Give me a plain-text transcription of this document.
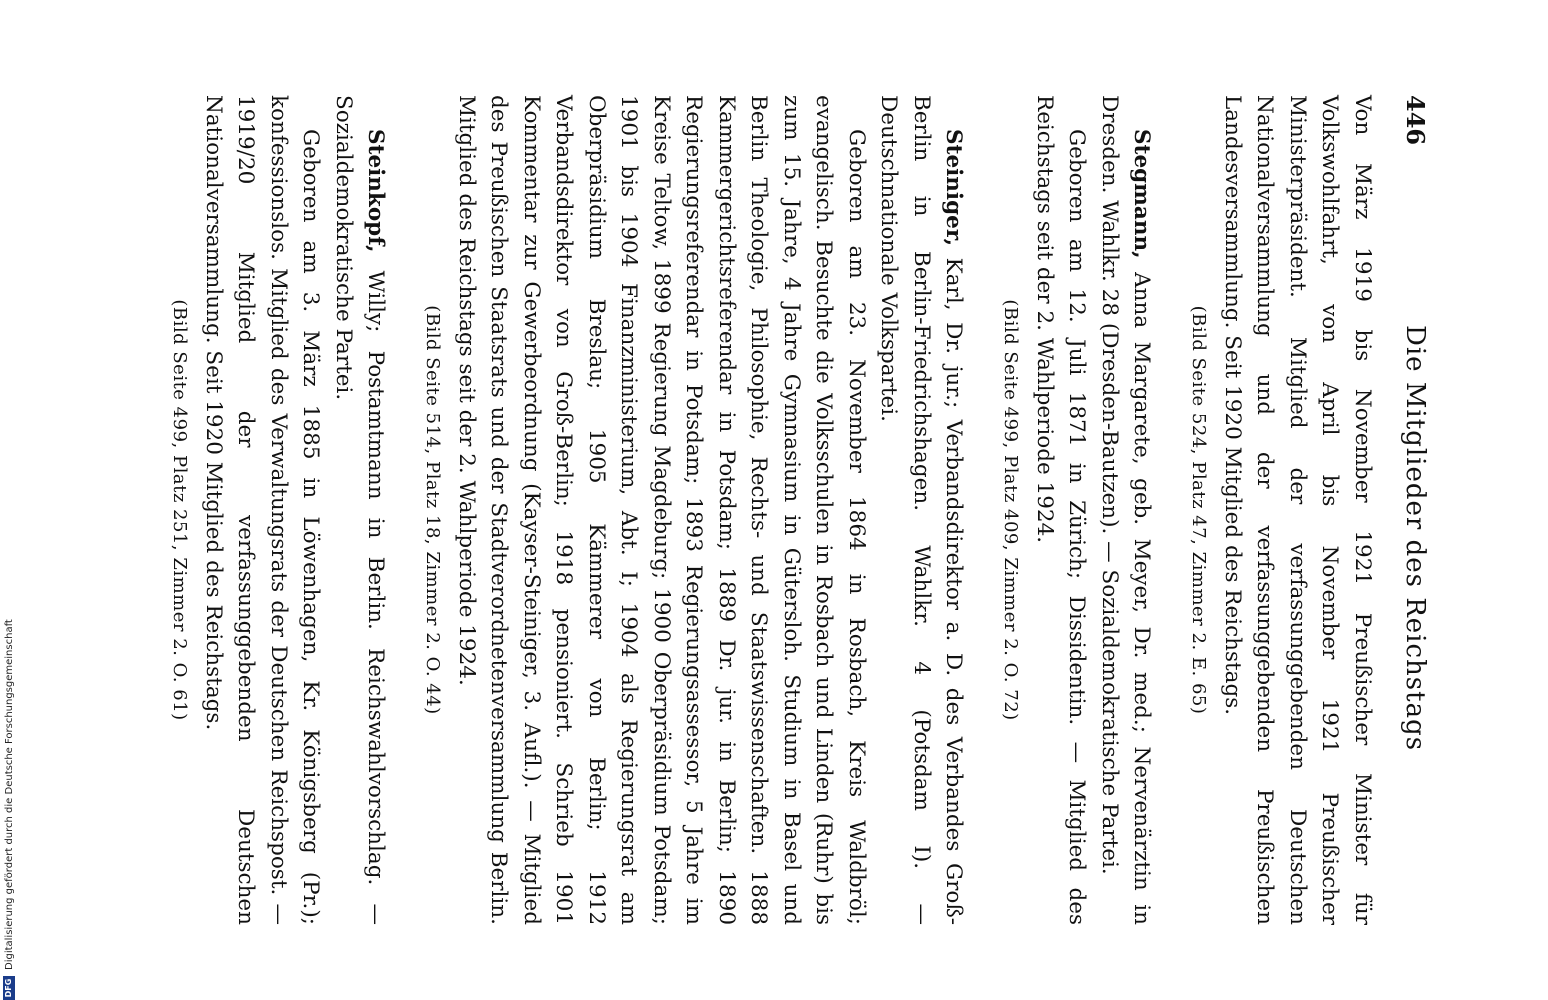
446
Die Mitglieder des Reichstags

Von März 1919 bis November 1921 Preußischer Minister für Volkswohlfahrt, von April bis November 1921 Preußischer Ministerpräsident. Mitglied der verfassunggebenden Deutschen Nationalversammlung und der verfassunggebenden Preußischen Landesversammlung. Seit 1920 Mitglied des Reichstags.

(Bild Seite 524, Platz 47, Zimmer 2. E. 65)

Stegmann, Anna Margarete, geb. Meyer, Dr. med.; Nervenärztin in Dresden. Wahlkr. 28 (Dresden-Bautzen). — Sozialdemokratische Partei.

Geboren am 12. Juli 1871 in Zürich; Dissidentin. — Mitglied des Reichstags seit der 2. Wahlperiode 1924.

(Bild Seite 499, Platz 409, Zimmer 2. O. 72)

Steiniger, Karl, Dr. jur.; Verbandsdirektor a. D. des Verbandes Groß-Berlin in Berlin-Friedrichshagen. Wahlkr. 4 (Potsdam I). — Deutschnationale Volkspartei.

Geboren am 23. November 1864 in Rosbach, Kreis Waldbröl; evangelisch. Besuchte die Volksschulen in Rosbach und Linden (Ruhr) bis zum 15. Jahre, 4 Jahre Gymnasium in Gütersloh. Studium in Basel und Berlin Theologie, Philosophie, Rechts- und Staatswissenschaften. 1888 Kammergerichtsreferendar in Potsdam; 1889 Dr. jur. in Berlin; 1890 Regierungsreferendar in Potsdam; 1893 Regierungsassessor, 5 Jahre im Kreise Teltow, 1899 Regierung Magdeburg; 1900 Oberpräsidium Potsdam; 1901 bis 1904 Finanzministerium, Abt. I; 1904 als Regierungsrat am Oberpräsidium Breslau; 1905 Kämmerer von Berlin; 1912 Verbandsdirektor von Groß-Berlin; 1918 pensioniert. Schrieb 1901 Kommentar zur Gewerbeordnung (Kayser-Steiniger, 3. Aufl.). — Mitglied des Preußischen Staatsrats und der Stadtverordnetenversammlung Berlin. Mitglied des Reichstags seit der 2. Wahlperiode 1924.

(Bild Seite 514, Platz 18, Zimmer 2. O. 44)

Steinkopf, Willy; Postamtmann in Berlin. Reichswahlvorschlag. — Sozialdemokratische Partei.

Geboren am 3. März 1885 in Löwenhagen, Kr. Königsberg (Pr.); konfessionslos. Mitglied des Verwaltungsrats der Deutschen Reichspost. — 1919/20 Mitglied der verfassunggebenden Deutschen Nationalversammlung. Seit 1920 Mitglied des Reichstags.

(Bild Seite 499, Platz 251, Zimmer 2. O. 61)

DFG
Digitalisierung gefördert durch die Deutsche Forschungsgemeinschaft
